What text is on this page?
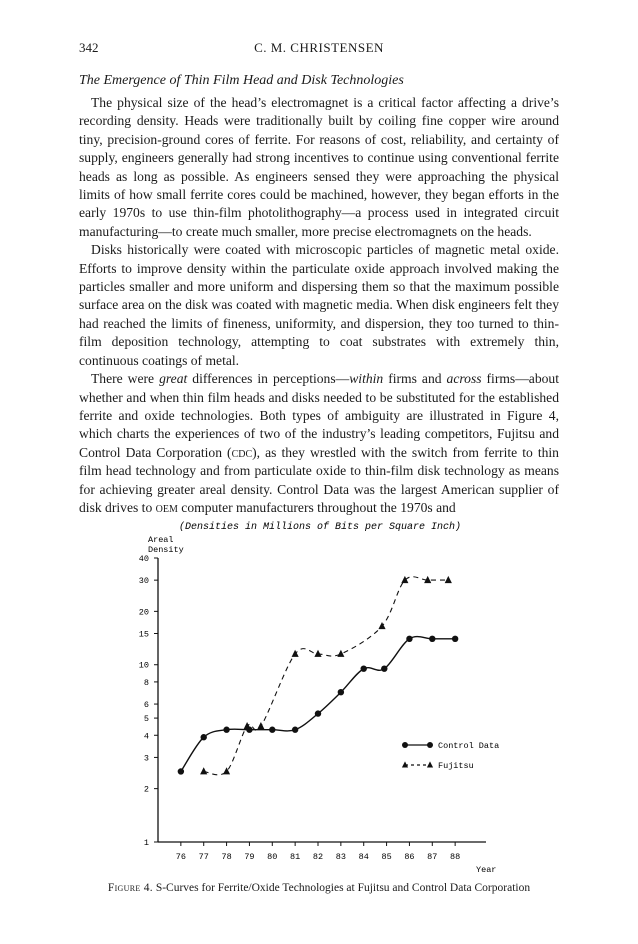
342	C. M. CHRISTENSEN
The Emergence of Thin Film Head and Disk Technologies

The physical size of the head’s electromagnet is a critical factor affecting a drive’s recording density. Heads were traditionally built by coiling fine copper wire around tiny, precision-ground cores of ferrite. For reasons of cost, reliability, and certainty of supply, engineers generally had strong incentives to continue using conventional ferrite heads as long as possible. As engineers sensed they were approaching the physical limits of how small ferrite cores could be machined, however, they began efforts in the early 1970s to use thin-film photolithography—a process used in integrated circuit manufacturing—to create much smaller, more precise electromagnets on the heads.

Disks historically were coated with microscopic particles of magnetic metal oxide. Efforts to improve density within the particulate oxide approach involved making the particles smaller and more uniform and dispersing them so that the maximum possible surface area on the disk was coated with magnetic media. When disk engineers felt they had reached the limits of fineness, uniformity, and dispersion, they too turned to thin-film deposition technology, attempting to coat substrates with extremely thin, continuous coatings of metal.

There were great differences in perceptions—within firms and across firms—about whether and when thin film heads and disks needed to be substituted for the established ferrite and oxide technologies. Both types of ambiguity are illustrated in Figure 4, which charts the experiences of two of the industry’s leading competitors, Fujitsu and Control Data Corporation (cdc), as they wrestled with the switch from ferrite to thin film head technology and from particulate oxide to thin-film disk technology as means for achieving greater areal density. Control Data was the largest American supplier of disk drives to oem computer manufacturers throughout the 1970s and

(Densities in Millions of Bits per Square Inch)
Areal
Density
Year
1
2
3
4
5
6
8
10
15
20
30
40
76 77 78 79 80 81 82 83 84 85 86 87 88
Control Data
Fujitsu
Figure 4. S-Curves for Ferrite/Oxide Technologies at Fujitsu and Control Data Corporation
